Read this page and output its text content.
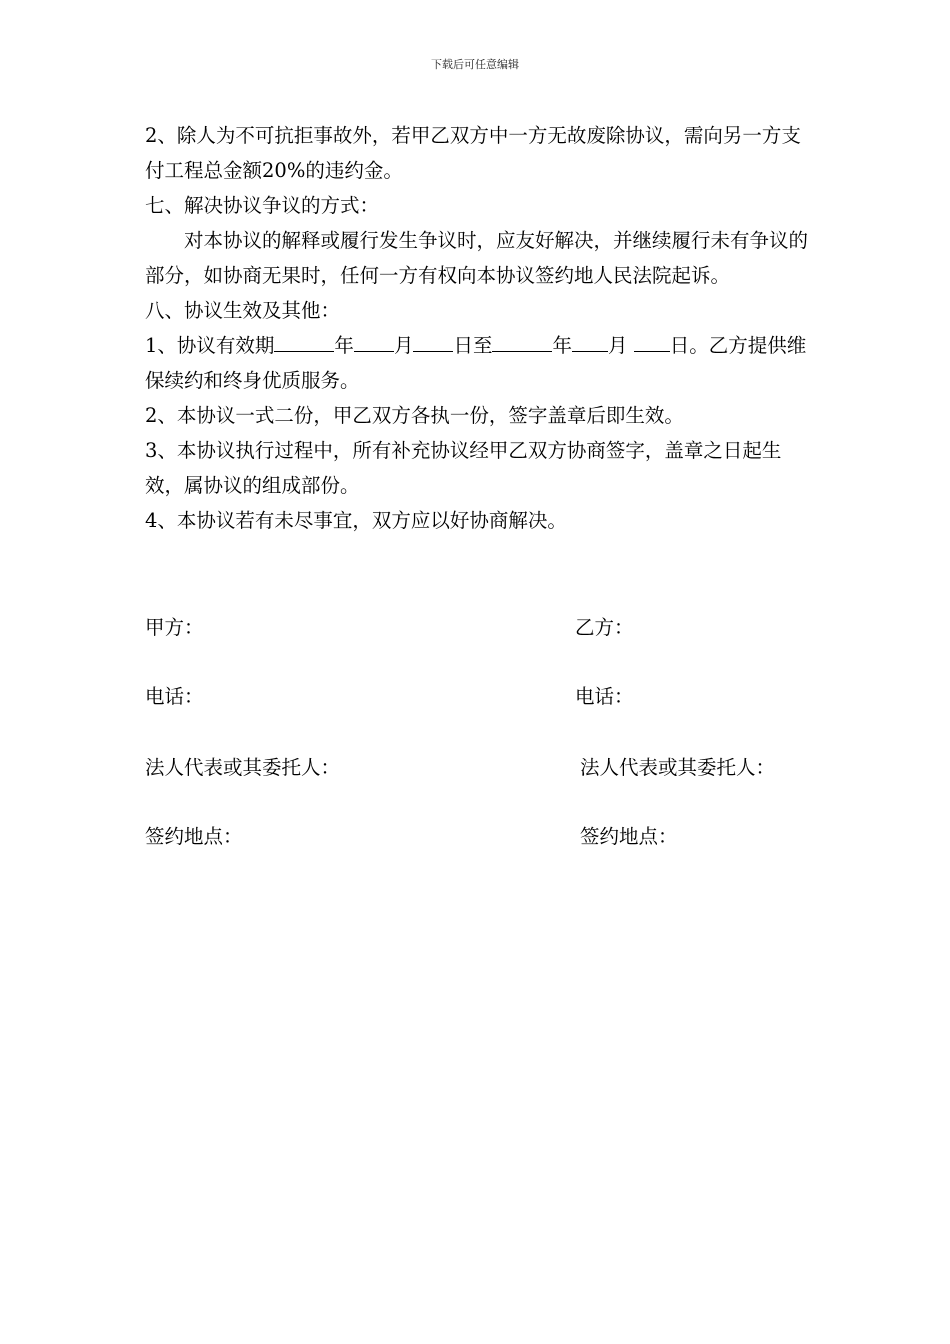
下载后可任意编辑

2、除人为不可抗拒事故外，若甲乙双方中一方无故废除协议，需向另一方支付工程总金额20%的违约金。

七、解决协议争议的方式：

对本协议的解释或履行发生争议时，应友好解决，并继续履行未有争议的部分，如协商无果时，任何一方有权向本协议签约地人民法院起诉。

八、协议生效及其他：

1、协议有效期	年 月 日至	年 月 日。乙方提供维保续约和终身优质服务。

2、本协议一式二份，甲乙双方各执一份，签字盖章后即生效。

3、本协议执行过程中，所有补充协议经甲乙双方协商签字，盖章之日起生效，属协议的组成部份。

4、本协议若有未尽事宜，双方应以好协商解决。

甲方：	乙方：
电话：	电话：
法人代表或其委托人：	法人代表或其委托人：
签约地点：	签约地点：
